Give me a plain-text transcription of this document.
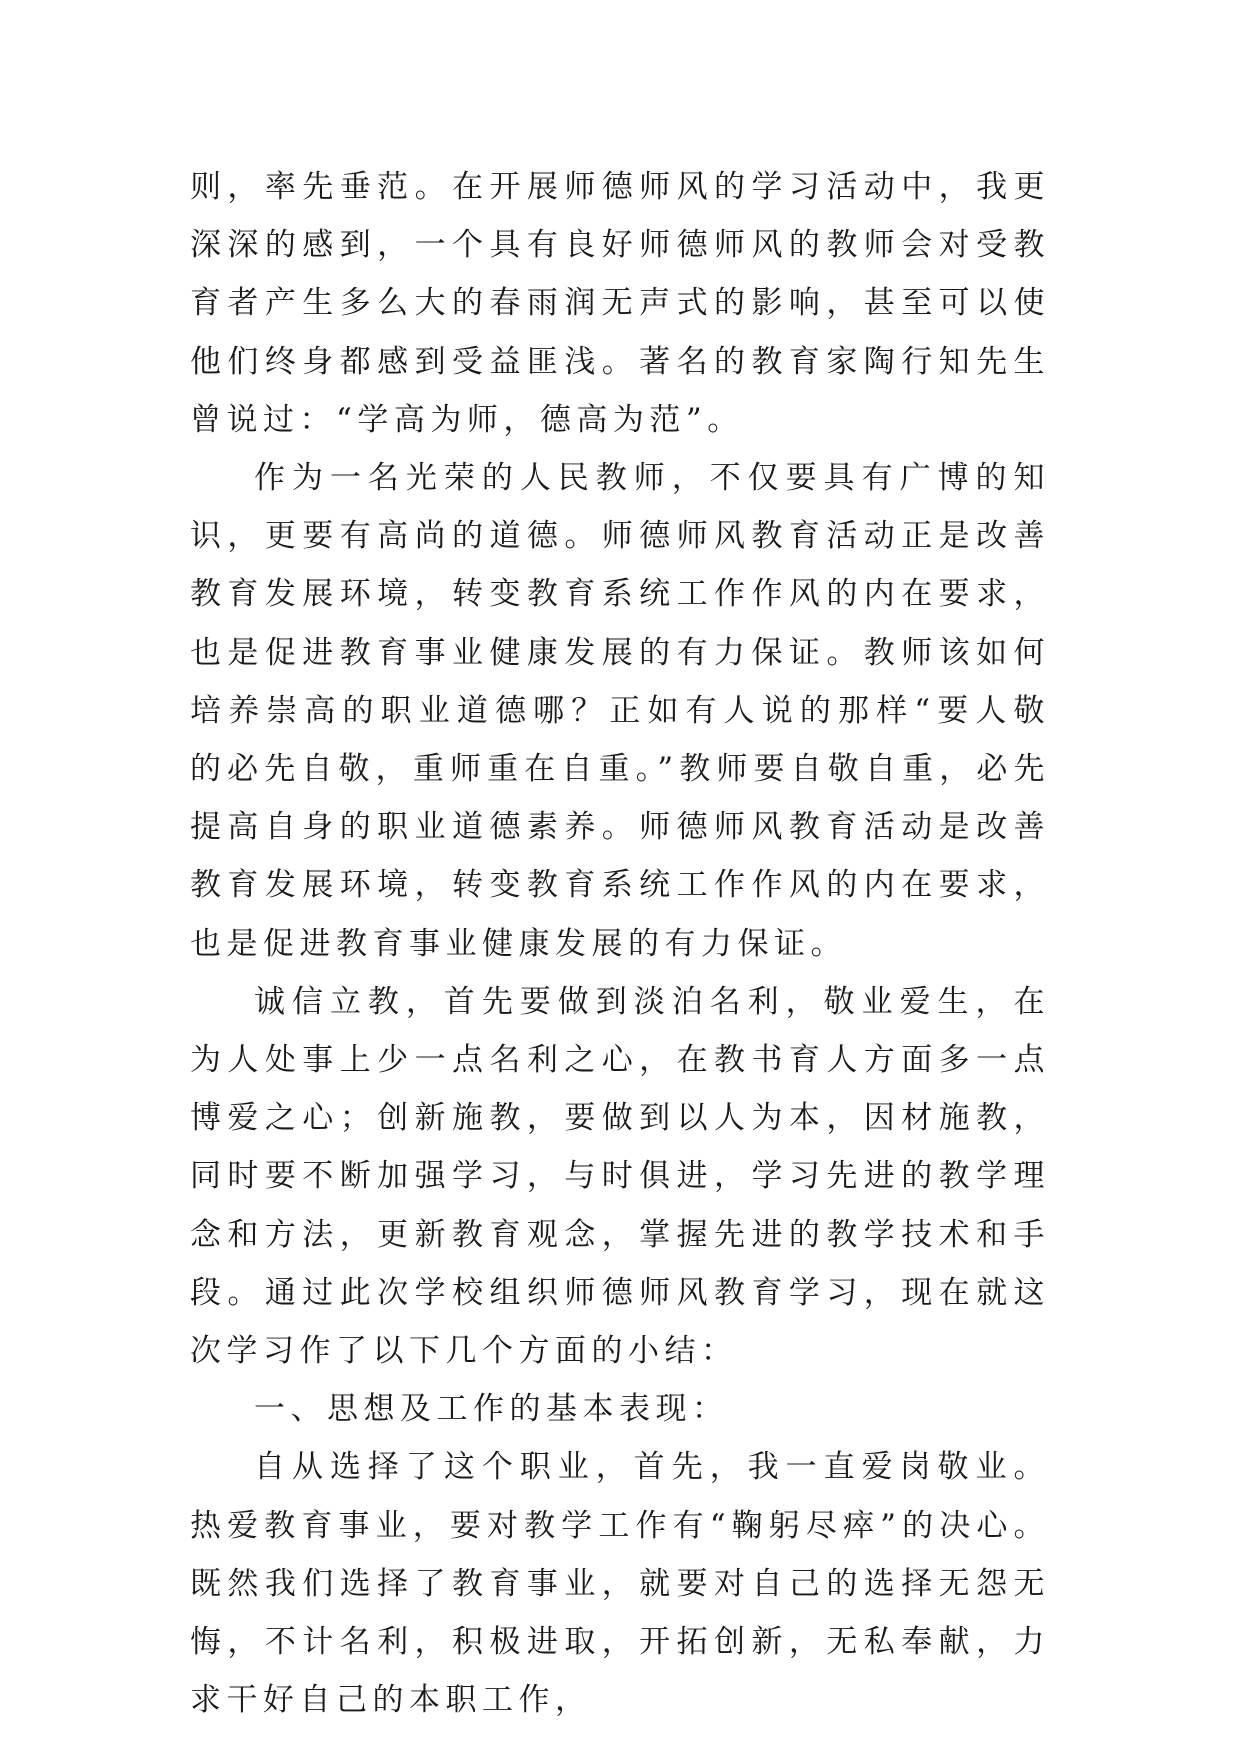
则，率先垂范。在开展师德师风的学习活动中，我更深深的感到，一个具有良好师德师风的教师会对受教育者产生多么大的春雨润无声式的影响，甚至可以使他们终身都感到受益匪浅。著名的教育家陶行知先生曾说过：“学高为师，德高为范”。

作为一名光荣的人民教师，不仅要具有广博的知识，更要有高尚的道德。师德师风教育活动正是改善教育发展环境，转变教育系统工作作风的内在要求，也是促进教育事业健康发展的有力保证。教师该如何培养崇高的职业道德哪？正如有人说的那样“要人敬的必先自敬，重师重在自重。”教师要自敬自重，必先提高自身的职业道德素养。师德师风教育活动是改善教育发展环境，转变教育系统工作作风的内在要求，也是促进教育事业健康发展的有力保证。

诚信立教，首先要做到淡泊名利，敬业爱生，在为人处事上少一点名利之心，在教书育人方面多一点博爱之心；创新施教，要做到以人为本，因材施教，同时要不断加强学习，与时俱进，学习先进的教学理念和方法，更新教育观念，掌握先进的教学技术和手段。通过此次学校组织师德师风教育学习，现在就这次学习作了以下几个方面的小结：

一、思想及工作的基本表现：

自从选择了这个职业，首先，我一直爱岗敬业。热爱教育事业，要对教学工作有“鞠躬尽瘁”的决心。既然我们选择了教育事业，就要对自己的选择无怨无悔，不计名利，积极进取，开拓创新，无私奉献，力求干好自己的本职工作，
